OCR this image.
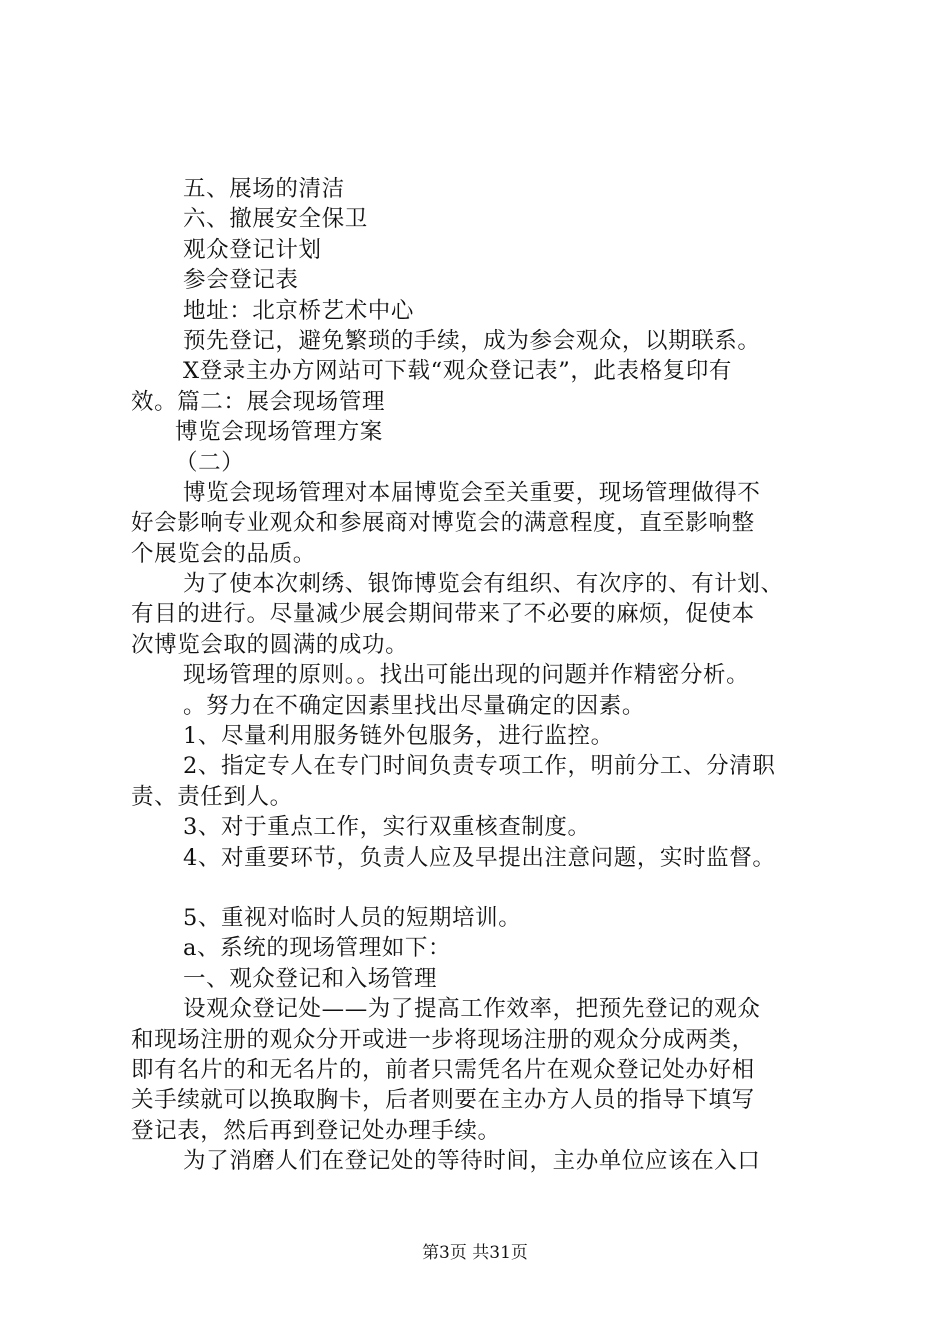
五、展场的清洁
六、撤展安全保卫
观众登记计划
参会登记表
地址：北京桥艺术中心
预先登记，避免繁琐的手续，成为参会观众，以期联系。
X登录主办方网站可下载“观众登记表”，此表格复印有
效。篇二：展会现场管理
博览会现场管理方案
（二）
博览会现场管理对本届博览会至关重要，现场管理做得不
好会影响专业观众和参展商对博览会的满意程度，直至影响整
个展览会的品质。
为了使本次刺绣、银饰博览会有组织、有次序的、有计划、
有目的进行。尽量减少展会期间带来了不必要的麻烦，促使本
次博览会取的圆满的成功。
现场管理的原则。。找出可能出现的问题并作精密分析。
。努力在不确定因素里找出尽量确定的因素。
1、尽量利用服务链外包服务，进行监控。
2、指定专人在专门时间负责专项工作，明前分工、分清职
责、责任到人。
3、对于重点工作，实行双重核查制度。
4、对重要环节，负责人应及早提出注意问题，实时监督。
5、重视对临时人员的短期培训。
a、系统的现场管理如下：
一、观众登记和入场管理
设观众登记处——为了提高工作效率，把预先登记的观众
和现场注册的观众分开或进一步将现场注册的观众分成两类，
即有名片的和无名片的，前者只需凭名片在观众登记处办好相
关手续就可以换取胸卡，后者则要在主办方人员的指导下填写
登记表，然后再到登记处办理手续。
为了消磨人们在登记处的等待时间，主办单位应该在入口
第3页 共31页
